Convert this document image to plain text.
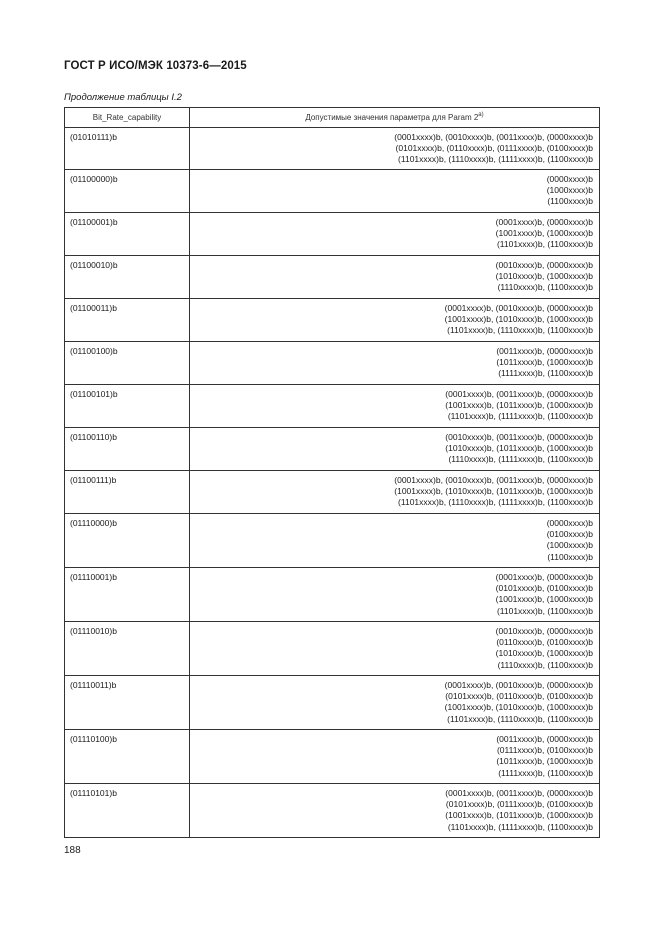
ГОСТ Р ИСО/МЭК 10373-6—2015
Продолжение таблицы I.2
Bit_Rate_capability	Допустимые значения параметра для Param 2$^{a)}$
(01010111)b	(0001xxxx)b, (0010xxxx)b, (0011xxxx)b, (0000xxxx)b
(0101xxxx)b, (0110xxxx)b, (0111xxxx)b, (0100xxxx)b
(1101xxxx)b, (1110xxxx)b, (1111xxxx)b, (1100xxxx)b

(01100000)b	(0000xxxx)b
(1000xxxx)b
(1100xxxx)b

(01100001)b	(0001xxxx)b, (0000xxxx)b
(1001xxxx)b, (1000xxxx)b
(1101xxxx)b, (1100xxxx)b

(01100010)b	(0010xxxx)b, (0000xxxx)b
(1010xxxx)b, (1000xxxx)b
(1110xxxx)b, (1100xxxx)b

(01100011)b	(0001xxxx)b, (0010xxxx)b, (0000xxxx)b
(1001xxxx)b, (1010xxxx)b, (1000xxxx)b
(1101xxxx)b, (1110xxxx)b, (1100xxxx)b

(01100100)b	(0011xxxx)b, (0000xxxx)b
(1011xxxx)b, (1000xxxx)b
(1111xxxx)b, (1100xxxx)b

(01100101)b	(0001xxxx)b, (0011xxxx)b, (0000xxxx)b
(1001xxxx)b, (1011xxxx)b, (1000xxxx)b
(1101xxxx)b, (1111xxxx)b, (1100xxxx)b

(01100110)b	(0010xxxx)b, (0011xxxx)b, (0000xxxx)b
(1010xxxx)b, (1011xxxx)b, (1000xxxx)b
(1110xxxx)b, (1111xxxx)b, (1100xxxx)b

(01100111)b	(0001xxxx)b, (0010xxxx)b, (0011xxxx)b, (0000xxxx)b
(1001xxxx)b, (1010xxxx)b, (1011xxxx)b, (1000xxxx)b
(1101xxxx)b, (1110xxxx)b, (1111xxxx)b, (1100xxxx)b

(01110000)b	(0000xxxx)b
(0100xxxx)b
(1000xxxx)b
(1100xxxx)b

(01110001)b	(0001xxxx)b, (0000xxxx)b
(0101xxxx)b, (0100xxxx)b
(1001xxxx)b, (1000xxxx)b
(1101xxxx)b, (1100xxxx)b

(01110010)b	(0010xxxx)b, (0000xxxx)b
(0110xxxx)b, (0100xxxx)b
(1010xxxx)b, (1000xxxx)b
(1110xxxx)b, (1100xxxx)b

(01110011)b	(0001xxxx)b, (0010xxxx)b, (0000xxxx)b
(0101xxxx)b, (0110xxxx)b, (0100xxxx)b
(1001xxxx)b, (1010xxxx)b, (1000xxxx)b
(1101xxxx)b, (1110xxxx)b, (1100xxxx)b

(01110100)b	(0011xxxx)b, (0000xxxx)b
(0111xxxx)b, (0100xxxx)b
(1011xxxx)b, (1000xxxx)b
(1111xxxx)b, (1100xxxx)b

(01110101)b	(0001xxxx)b, (0011xxxx)b, (0000xxxx)b
(0101xxxx)b, (0111xxxx)b, (0100xxxx)b
(1001xxxx)b, (1011xxxx)b, (1000xxxx)b
(1101xxxx)b, (1111xxxx)b, (1100xxxx)b
188
